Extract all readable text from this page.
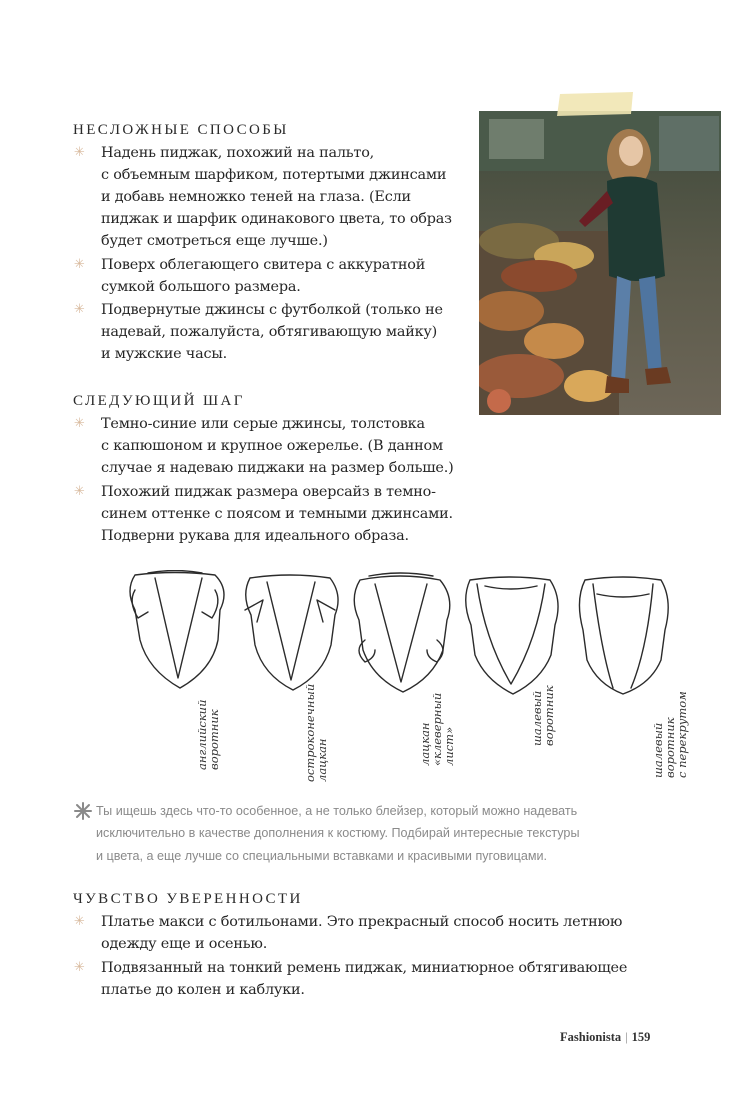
НЕСЛОЖНЫЕ СПОСОБЫ
✳ Надень пиджак, похожий на пальто,
с объемным шарфиком, потертыми джинсами
и добавь немножко теней на глаза. (Если
пиджак и шарфик одинакового цвета, то образ
будет смотреться еще лучше.)
✳ Поверх облегающего свитера с аккуратной
сумкой большого размера.
✳ Подвернутые джинсы с футболкой (только не
надевай, пожалуйста, обтягивающую майку)
и мужские часы.
СЛЕДУЮЩИЙ ШАГ
✳ Темно-синие или серые джинсы, толстовка
с капюшоном и крупное ожерелье. (В данном
случае я надеваю пиджаки на размер больше.)
✳ Похожий пиджак размера оверсайз в темно-
синем оттенке с поясом и темными джинсами.
Подверни рукава для идеального образа.
английский
воротник	остроконечный
лацкан	лацкан
«клеверный
лист»
шалевый
воротник
шалевый
воротник
с перекрутом
Ты ищешь здесь что-то особенное, а не только блейзер, который можно надевать
исключительно в качестве дополнения к костюму. Подбирай интересные текстуры
и цвета, а еще лучше со специальными вставками и красивыми пуговицами.
ЧУВСТВО УВЕРЕННОСТИ
✳ Платье макси с ботильонами. Это прекрасный способ носить летнюю
одежду еще и осенью.
✳ Подвязанный на тонкий ремень пиджак, миниатюрное обтягивающее
платье до колен и каблуки.
Fashionista | 159
